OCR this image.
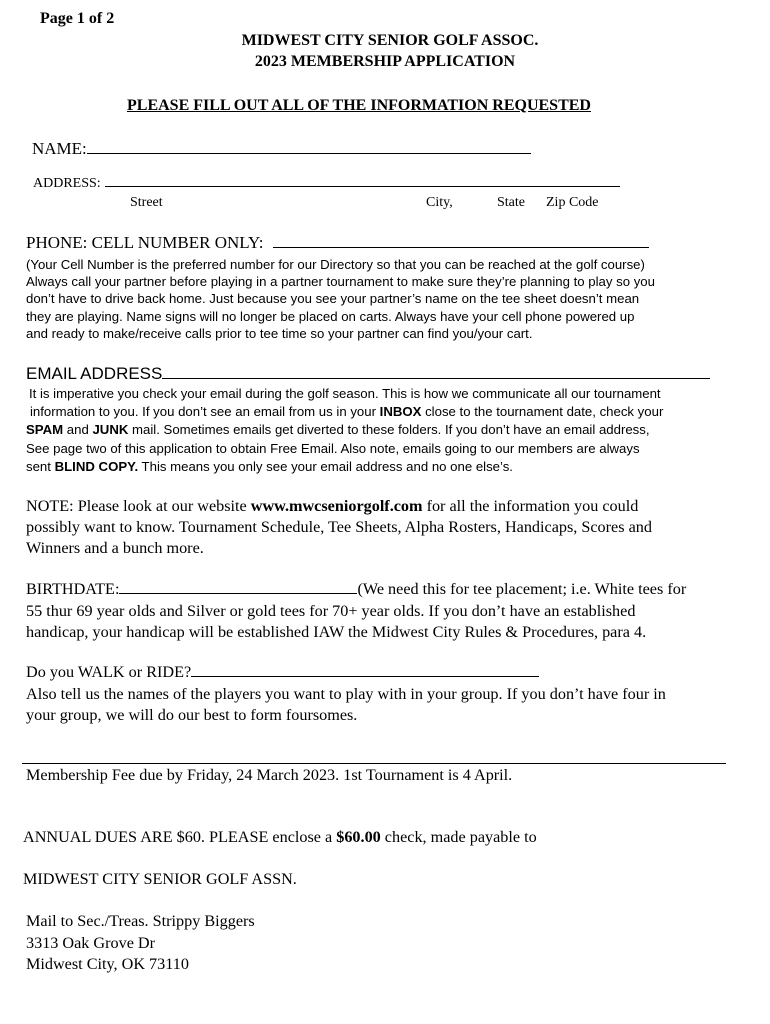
Page 1 of 2
MIDWEST CITY SENIOR GOLF ASSOC.
2023 MEMBERSHIP APPLICATION
PLEASE FILL OUT ALL OF THE INFORMATION REQUESTED
NAME:
ADDRESS:
Street	City,	State Zip Code
PHONE: CELL NUMBER ONLY:
(Your Cell Number is the preferred number for our Directory so that you can be reached at the golf course)
Always call your partner before playing in a partner tournament to make sure they’re planning to play so you
don’t have to drive back home. Just because you see your partner’s name on the tee sheet doesn’t mean
they are playing. Name signs will no longer be placed on carts. Always have your cell phone powered up
and ready to make/receive calls prior to tee time so your partner can find you/your cart.
EMAIL ADDRESS
It is imperative you check your email during the golf season. This is how we communicate all our tournament
information to you. If you don’t see an email from us in your INBOX close to the tournament date, check your
SPAM and JUNK mail. Sometimes emails get diverted to these folders. If you don’t have an email address,
See page two of this application to obtain Free Email. Also note, emails going to our members are always
sent BLIND COPY. This means you only see your email address and no one else’s.
NOTE: Please look at our website www.mwcseniorgolf.com for all the information you could
possibly want to know. Tournament Schedule, Tee Sheets, Alpha Rosters, Handicaps, Scores and
Winners and a bunch more.
BIRTHDATE:	(We need this for tee placement; i.e. White tees for
55 thur 69 year olds and Silver or gold tees for 70+ year olds. If you don’t have an established
handicap, your handicap will be established IAW the Midwest City Rules & Procedures, para 4.
Do you WALK or RIDE?
Also tell us the names of the players you want to play with in your group. If you don’t have four in
your group, we will do our best to form foursomes.
Membership Fee due by Friday, 24 March 2023. 1st Tournament is 4 April.
ANNUAL DUES ARE $60. PLEASE enclose a $60.00 check, made payable to
MIDWEST CITY SENIOR GOLF ASSN.
Mail to Sec./Treas. Strippy Biggers
3313 Oak Grove Dr
Midwest City, OK 73110
